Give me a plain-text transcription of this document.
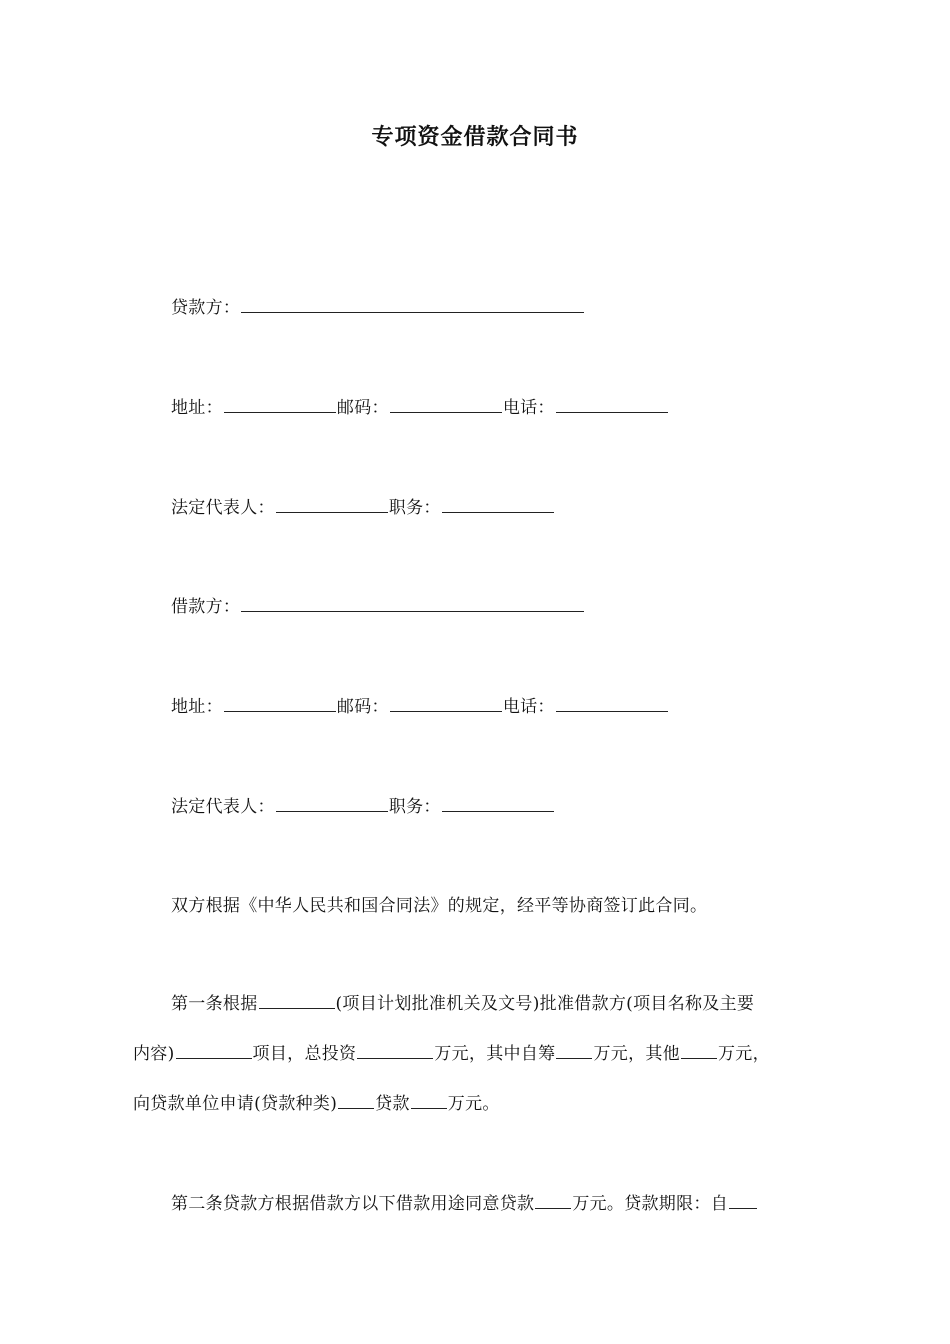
专项资金借款合同书
贷款方：
地址：	邮码：	电话：
法定代表人：	职务：
借款方：
地址：	邮码：	电话：
法定代表人：	职务：
双方根据《中华人民共和国合同法》的规定，经平等协商签订此合同。
第一条根据	(项目计划批准机关及文号)批准借款方(项目名称及主要
内容)	项目，总投资	万元，其中自筹 万元，其他 万元，
向贷款单位申请(贷款种类) 贷款 万元。
第二条贷款方根据借款方以下借款用途同意贷款 万元。贷款期限：自
